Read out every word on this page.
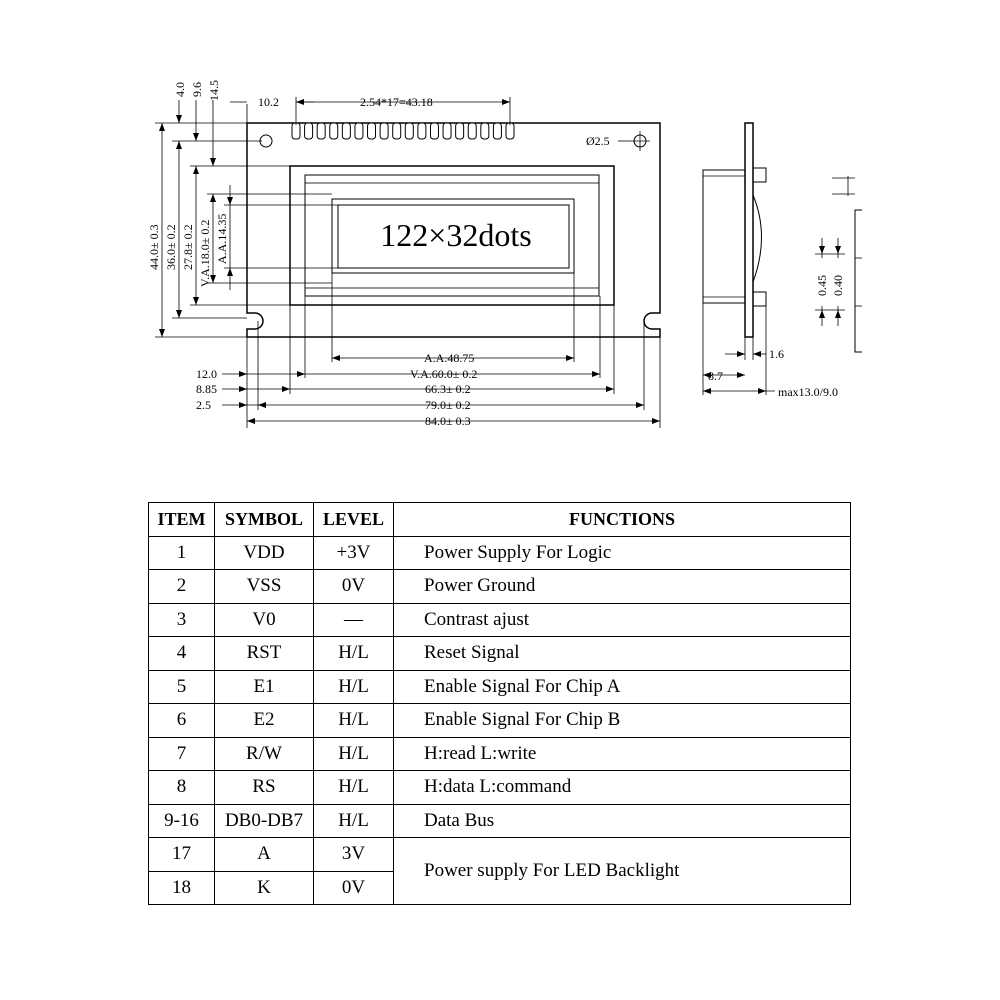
122×32dots
10.2	2.54*17=43.18
Ø2.5
4.0 9.6 14.5
44.0± 0.3 36.0± 0.2 27.8± 0.2 V.A.18.0± 0.2 A.A.14.35
A.A.48.75
V.A.60.0± 0.2
66.3± 0.2
79.0± 0.2
84.0± 0.3
12.0
8.85
2.5
1.6
8.7
max13.0/9.0
0.45 0.40
ITEM	SYMBOL	LEVEL	FUNCTIONS
1	VDD	+3V	Power Supply For Logic
2	VSS	0V	Power Ground
3	V0	—	Contrast ajust
4	RST	H/L	Reset Signal
5	E1	H/L	Enable Signal For Chip A
6	E2	H/L	Enable Signal For Chip B
7	R/W	H/L	H:read L:write
8	RS	H/L	H:data L:command
9-16	DB0-DB7	H/L	Data Bus
17	A	3V	Power supply For LED Backlight
18	K	0V	
